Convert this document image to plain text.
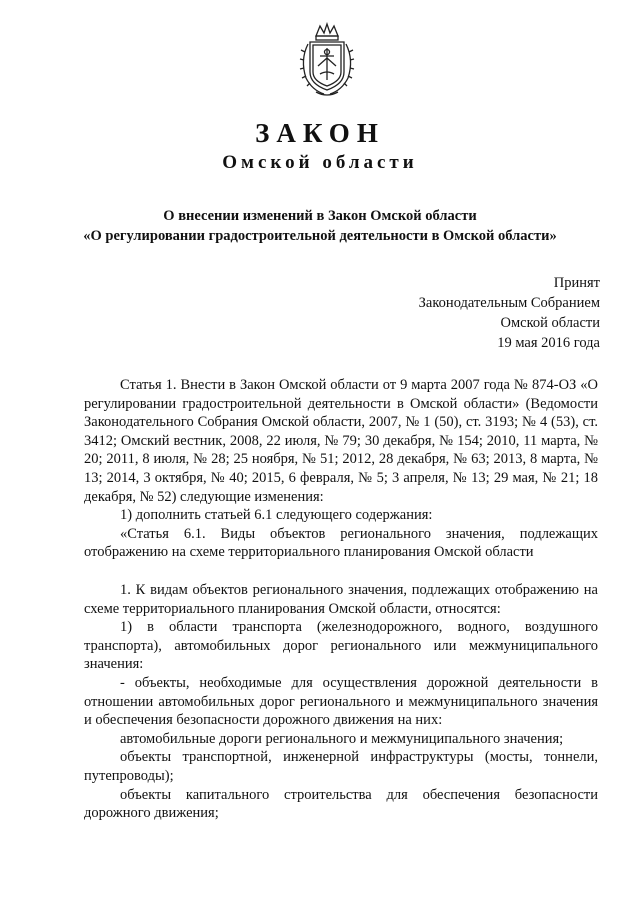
ЗАКОН
Омской области
О внесении изменений в Закон Омской области
«О регулировании градостроительной деятельности в Омской области»
Принят
Законодательным Собранием
Омской области
19 мая 2016 года

Статья 1. Внести в Закон Омской области от 9 марта 2007 года № 874-ОЗ «О регулировании градостроительной деятельности в Омской области» (Ведомости Законодательного Собрания Омской области, 2007, № 1 (50), ст. 3193; № 4 (53), ст. 3412; Омский вестник, 2008, 22 июля, № 79; 30 декабря, № 154; 2010, 11 марта, № 20; 2011, 8 июля, № 28; 25 ноября, № 51; 2012, 28 декабря, № 63; 2013, 8 марта, № 13; 2014, 3 октября, № 40; 2015, 6 февраля, № 5; 3 апреля, № 13; 29 мая, № 21; 18 декабря, № 52) следующие изменения:

1) дополнить статьей 6.1 следующего содержания:

«Статья 6.1. Виды объектов регионального значения, подлежащих отображению на схеме территориального планирования Омской области

1. К видам объектов регионального значения, подлежащих отображению на схеме территориального планирования Омской области, относятся:

1) в области транспорта (железнодорожного, водного, воздушного транспорта), автомобильных дорог регионального или межмуниципального значения:

- объекты, необходимые для осуществления дорожной деятельности в отношении автомобильных дорог регионального и межмуниципального значения и обеспечения безопасности дорожного движения на них:

автомобильные дороги регионального и межмуниципального значения;

объекты транспортной, инженерной инфраструктуры (мосты, тоннели, путепроводы);

объекты капитального строительства для обеспечения безопасности дорожного движения;
